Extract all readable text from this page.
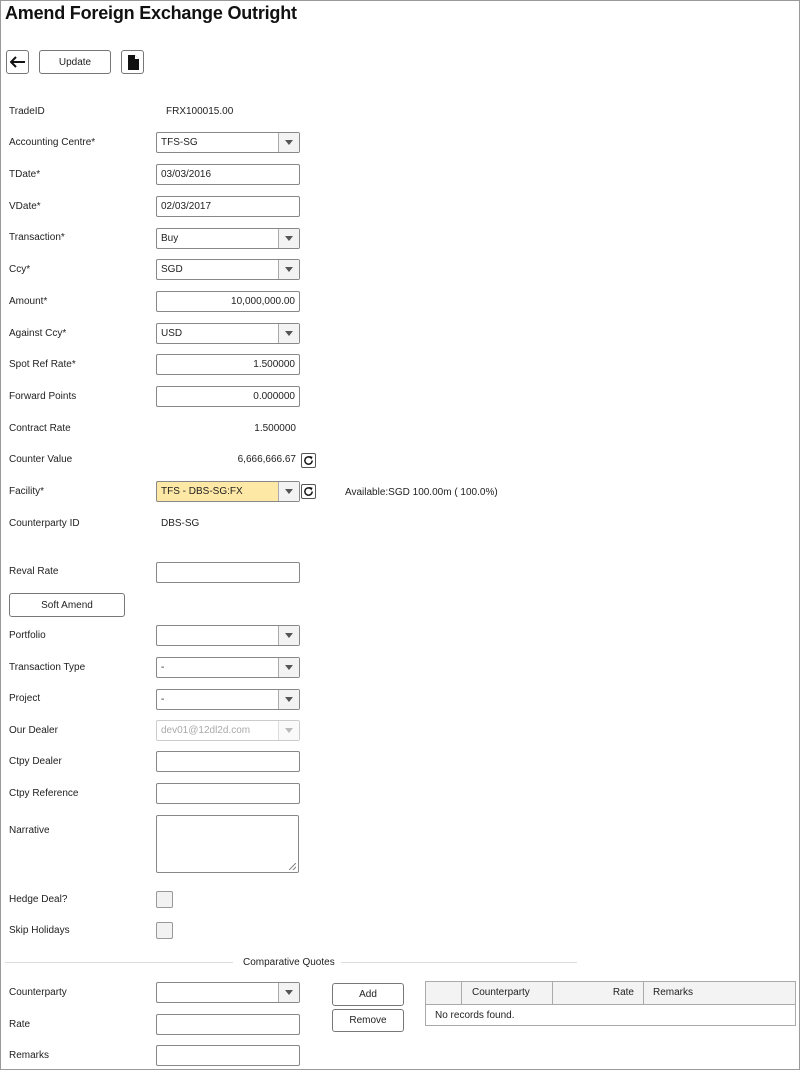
Amend Foreign Exchange Outright
Update
TradeID	FRX100015.00
Accounting Centre*	TFS-SG
TDate*	03/03/2016
VDate*	02/03/2017
Transaction*	Buy
Ccy*	SGD
Amount*	10,000,000.00
Against Ccy*	USD
Spot Ref Rate*	1.500000
Forward Points	0.000000
Contract Rate	1.500000
Counter Value	6,666,666.67
Facility*	TFS - DBS-SG:FX	Available:SGD 100.00m ( 100.0%)
Counterparty ID	DBS-SG
Reval Rate
Soft Amend
Portfolio
Transaction Type	-
Project	-
Our Dealer	dev01@12dl2d.com
Ctpy Dealer
Ctpy Reference
Narrative
Hedge Deal?
Skip Holidays
Comparative Quotes
Counterparty
Rate
Remarks
Add
Remove
Counterparty	Rate	Remarks
No records found.
